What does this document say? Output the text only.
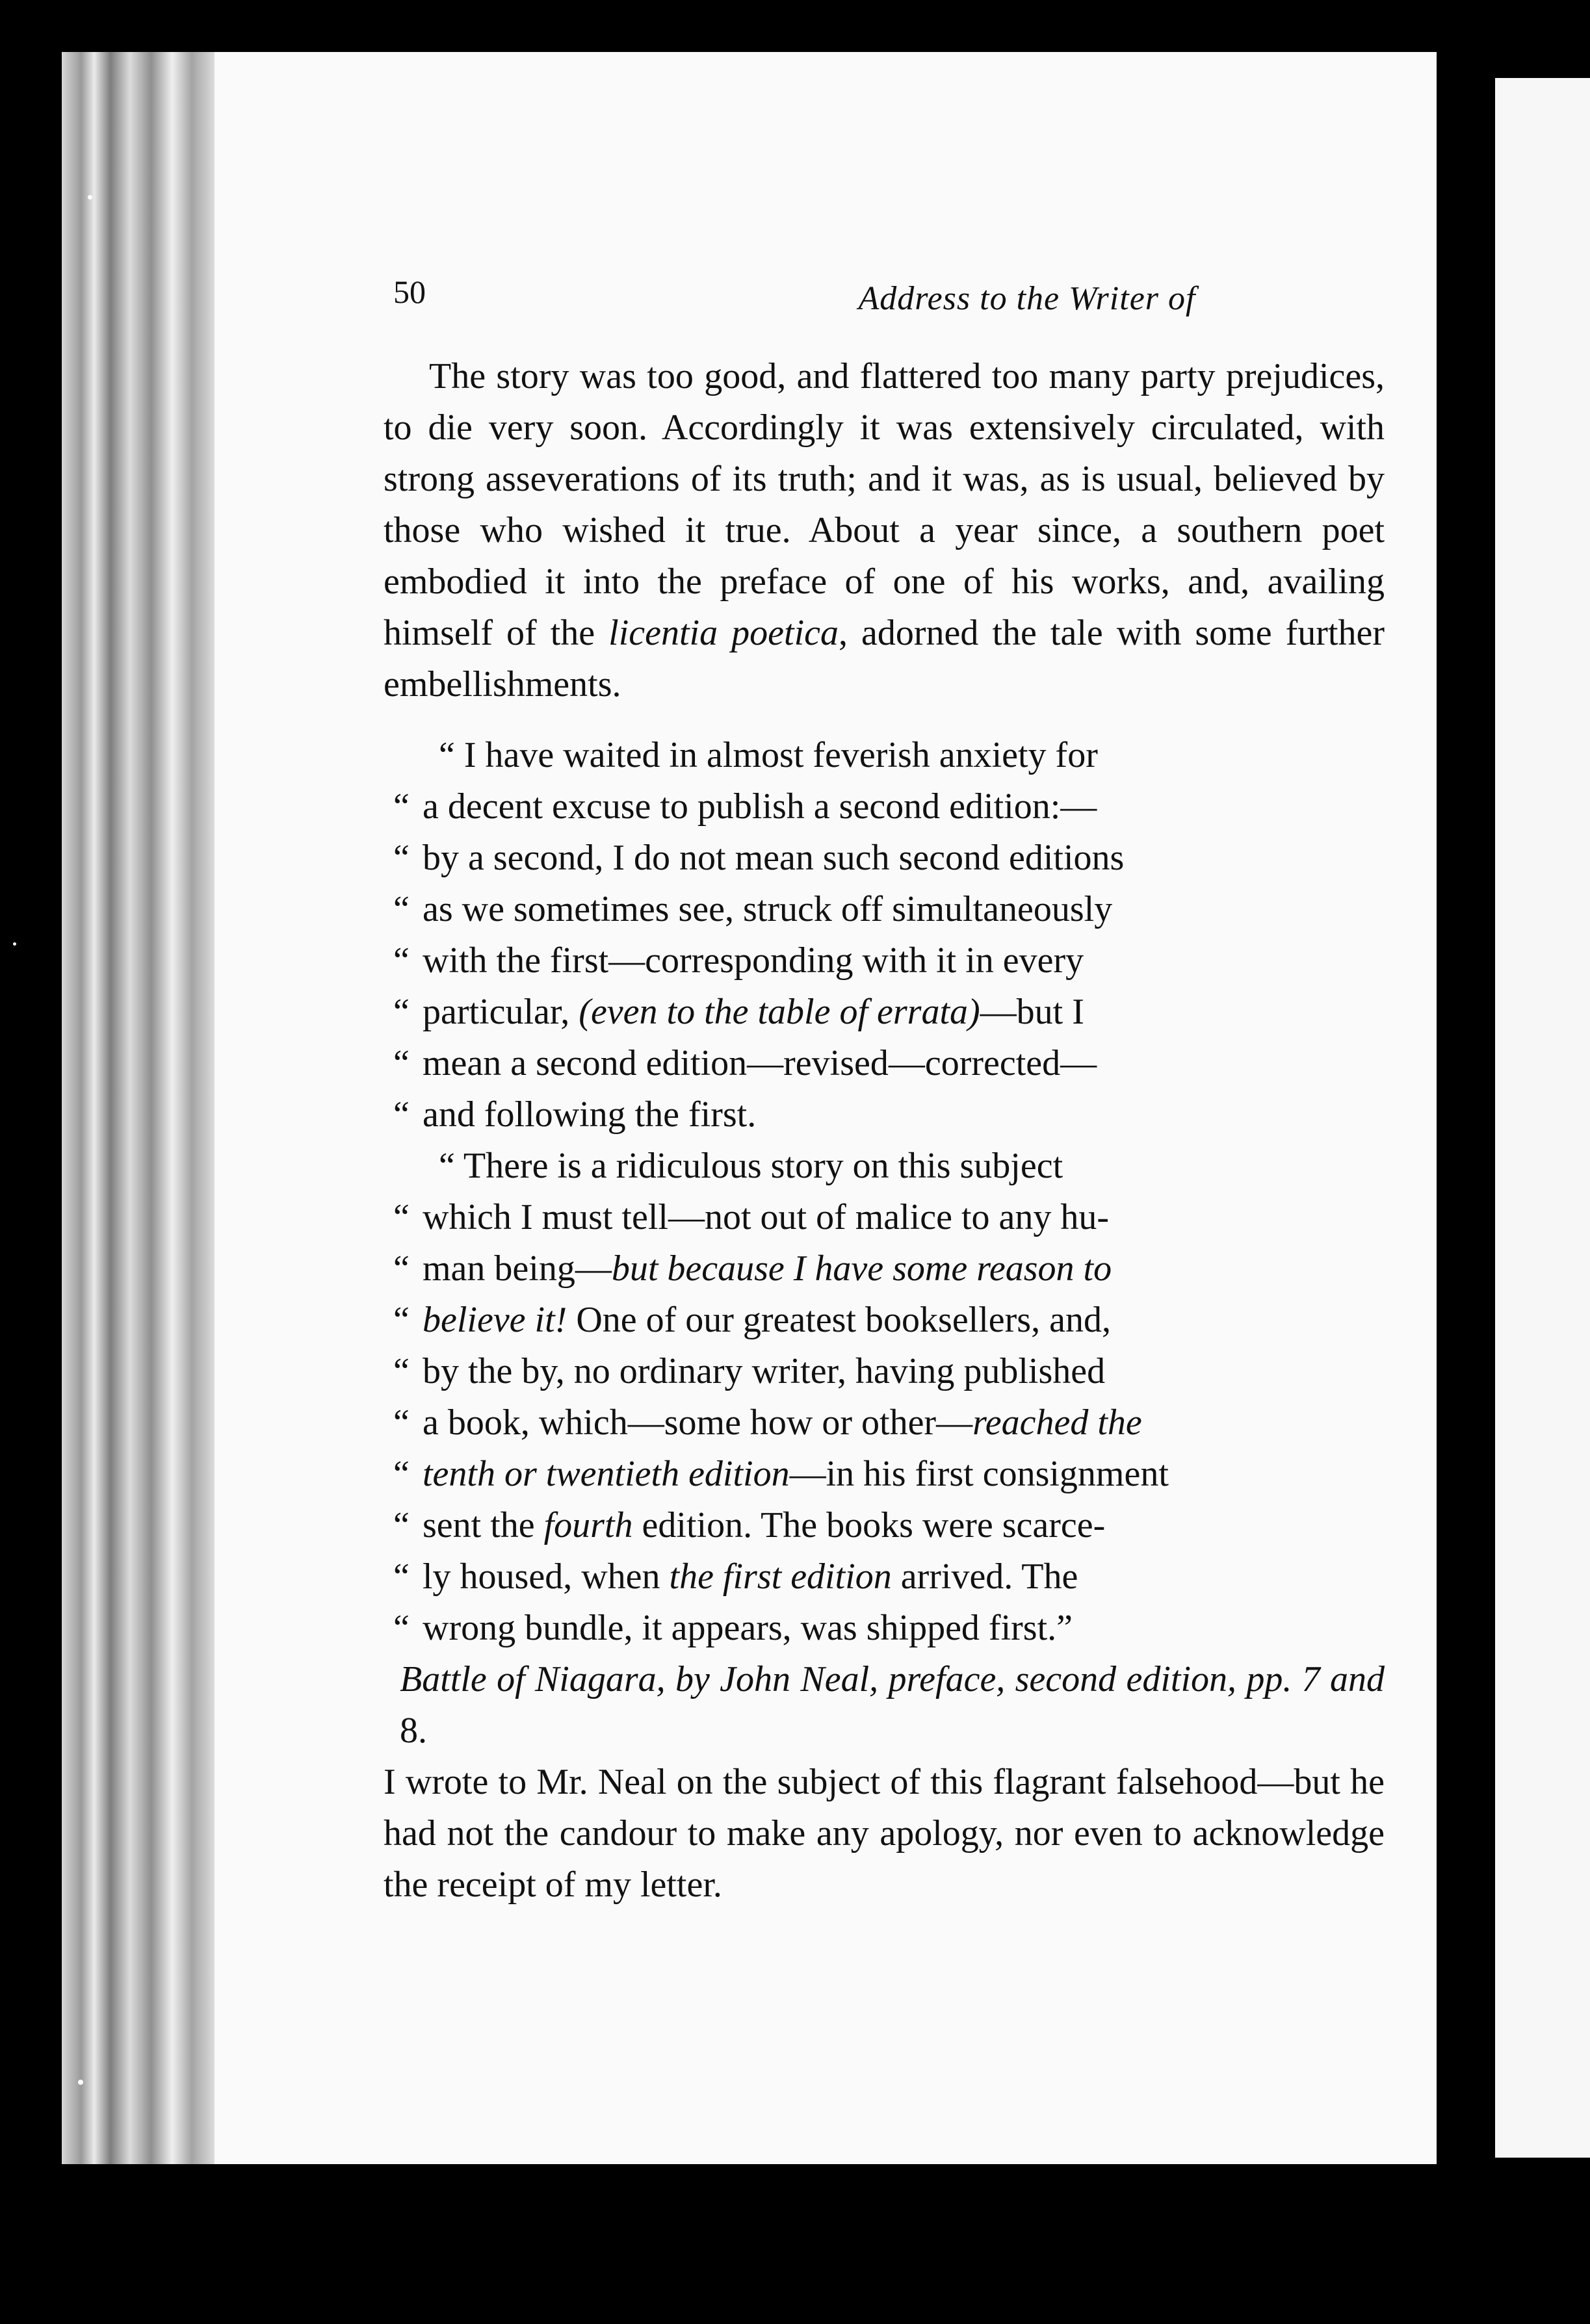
50	Address to the Writer of

The story was too good, and flattered too many party prejudices, to die very soon. Accordingly it was extensively circulated, with strong asseverations of its truth; and it was, as is usual, believed by those who wished it true. About a year since, a southern poet embodied it into the preface of one of his works, and, availing himself of the licentia poetica, adorned the tale with some further embellishments.

“ I have waited in almost feverish anxiety for

“ a decent excuse to publish a second edition:—

“ by a second, I do not mean such second editions

“ as we sometimes see, struck off simultaneously

“ with the first—corresponding with it in every

“ particular, (even to the table of errata)—but I

“ mean a second edition—revised—corrected—

“ and following the first.

“ There is a ridiculous story on this subject

“ which I must tell—not out of malice to any hu-

“ man being—but because I have some reason to

“ believe it! One of our greatest booksellers, and,

“ by the by, no ordinary writer, having published

“ a book, which—some how or other—reached the

“ tenth or twentieth edition—in his first consignment

“ sent the fourth edition. The books were scarce-

“ ly housed, when the first edition arrived. The

“ wrong bundle, it appears, was shipped first.”

Battle of Niagara, by John Neal, preface, second edition, pp. 7 and 8.

I wrote to Mr. Neal on the subject of this flagrant falsehood—but he had not the candour to make any apology, nor even to acknowledge the receipt of my letter.
